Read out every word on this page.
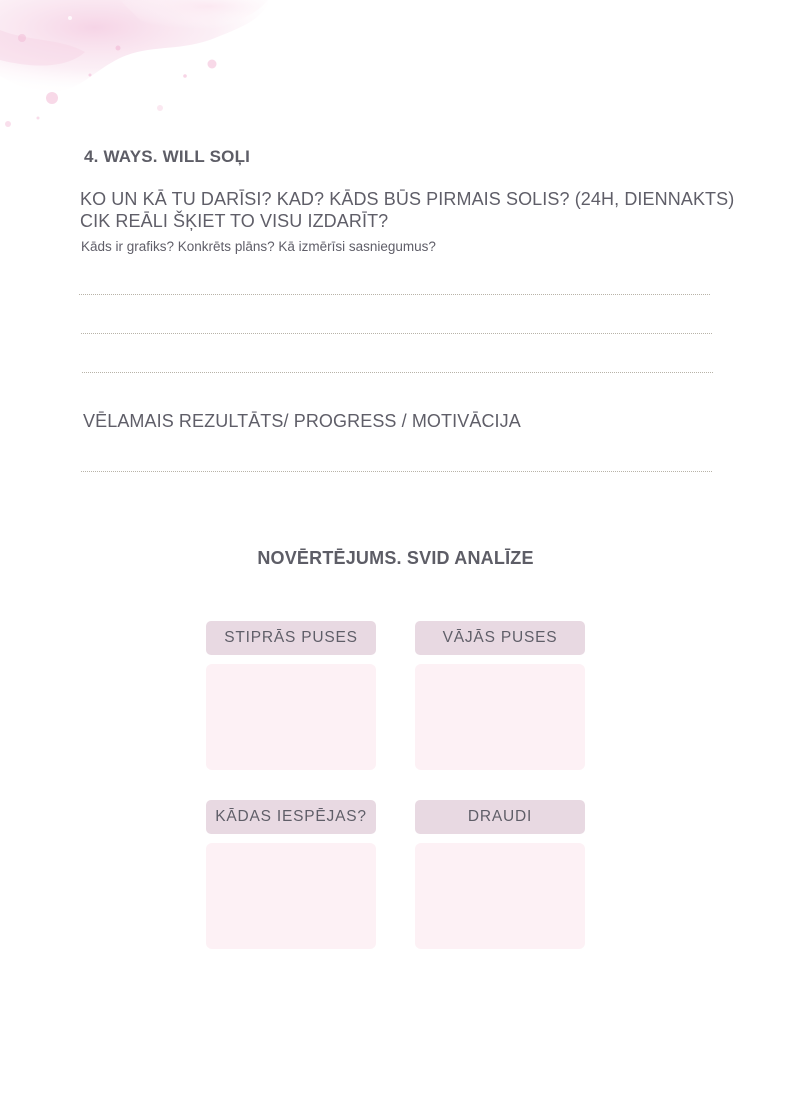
4. WAYS. WILL SOĻI
KO UN KĀ TU DARĪSI? KAD? KĀDS BŪS PIRMAIS SOLIS? (24H, DIENNAKTS)
CIK REĀLI ŠĶIET TO VISU IZDARĪT?
Kāds ir grafiks? Konkrēts plāns? Kā izmērīsi sasniegumus?
VĒLAMAIS REZULTĀTS/ PROGRESS / MOTIVĀCIJA
NOVĒRTĒJUMS. SVID ANALĪZE
STIPRĀS PUSES	VĀJĀS PUSES
KĀDAS IESPĒJAS?	DRAUDI
